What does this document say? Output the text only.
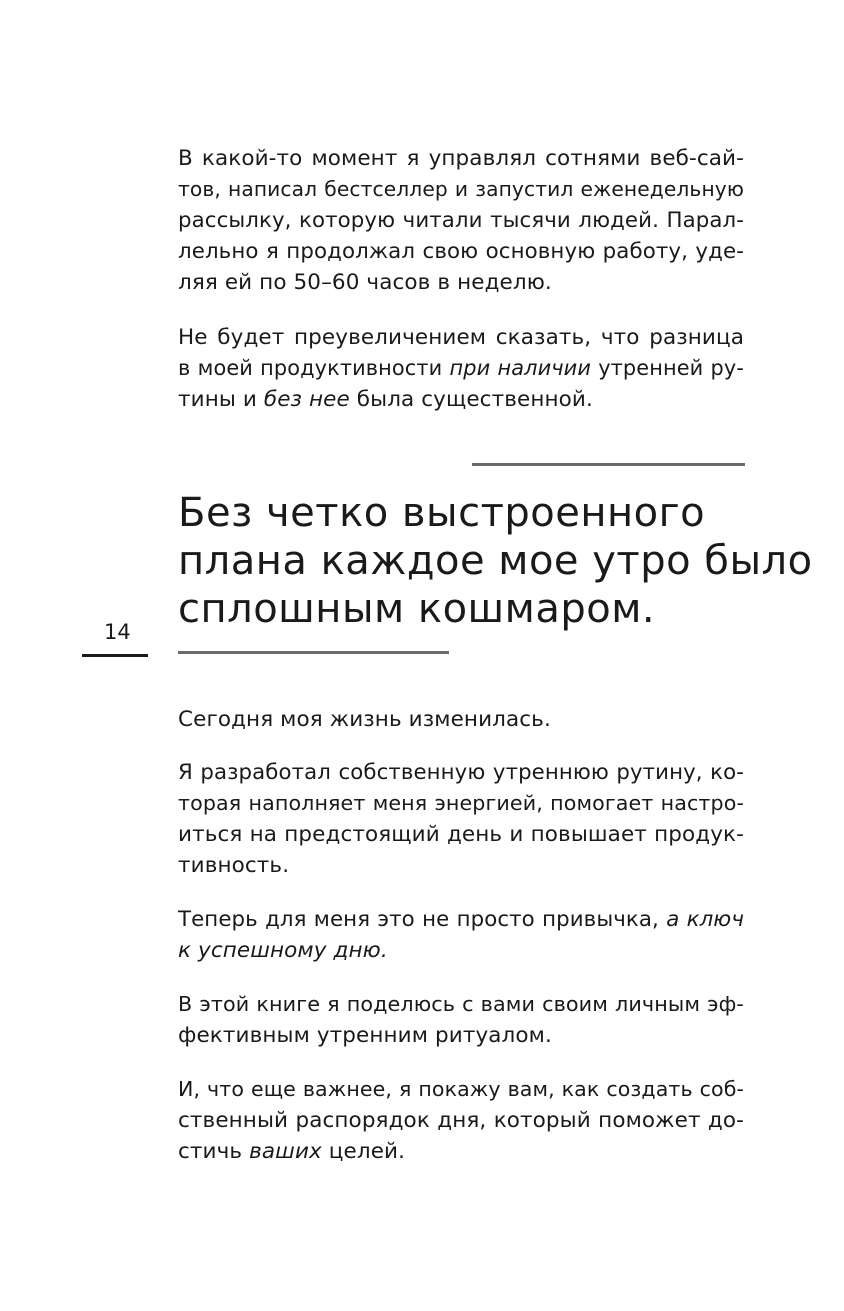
В какой-то момент я управлял сотнями веб-сай-
тов, написал бестселлер и запустил еженедельную
рассылку, которую читали тысячи людей. Парал-
лельно я продолжал свою основную работу, уде-
ляя ей по 50–60 часов в неделю.
Не будет преувеличением сказать, что разница
в моей продуктивности при наличии утренней ру-
тины и без нее была существенной.
Без четко выстроенного
плана каждое мое утро было
сплошным кошмаром.
14
Сегодня моя жизнь изменилась.
Я разработал собственную утреннюю рутину, ко-
торая наполняет меня энергией, помогает настро-
иться на предстоящий день и повышает продук-
тивность.
Теперь для меня это не просто привычка, а ключ
к успешному дню.
В этой книге я поделюсь с вами своим личным эф-
фективным утренним ритуалом.
И, что еще важнее, я покажу вам, как создать соб-
ственный распорядок дня, который поможет до-
стичь ваших целей.
